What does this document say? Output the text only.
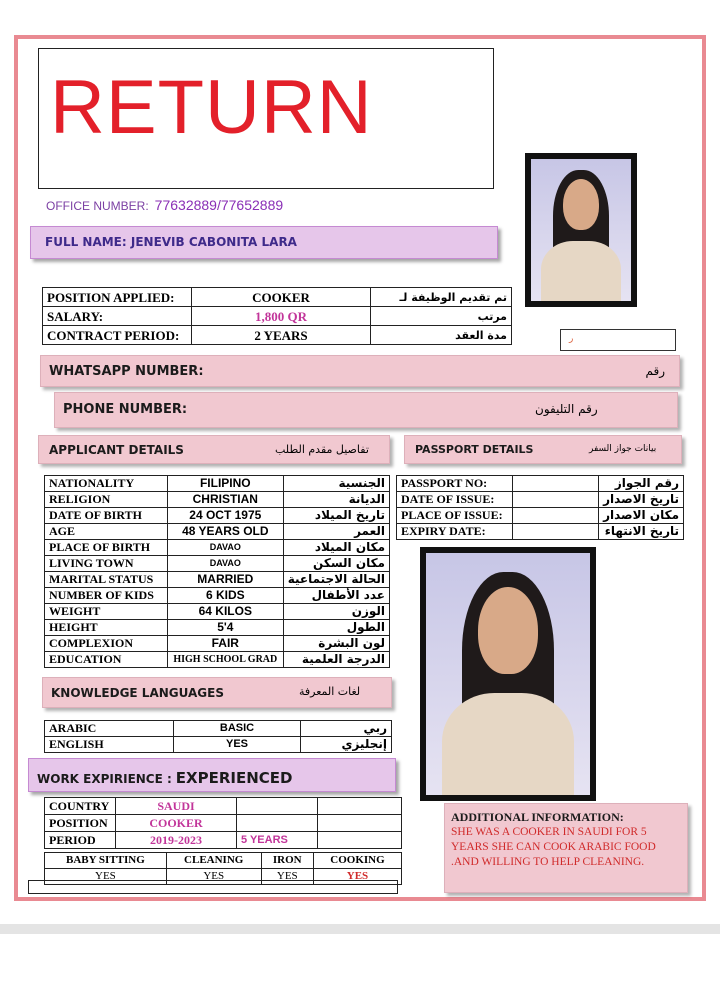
RETURN
OFFICE NUMBER: 77632889/77652889
FULL NAME: JENEVIB CABONITA LARA
POSITION APPLIED:	COOKER	تم تقديم الوظيفة لـ
SALARY:	1,800 QR	مرتب
CONTRACT PERIOD:	2 YEARS	مدة العقد	ر
WHATSAPP NUMBER:	رقم
PHONE NUMBER:	رقم التليفون
APPLICANT DETAILS	تفاصيل مقدم الطلب	PASSPORT DETAILS	بيانات جواز السفر
NATIONALITY	FILIPINO	الجنسية
RELIGION	CHRISTIAN	الديانة
DATE OF BIRTH	24 OCT 1975	تاريخ الميلاد
AGE	48 YEARS OLD	العمر
PLACE OF BIRTH	DAVAO	مكان الميلاد
LIVING TOWN	DAVAO	مكان السكن
MARITAL STATUS	MARRIED	الحالة الاجتماعية
NUMBER OF KIDS	6 KIDS	عدد الأطفال
WEIGHT	64 KILOS	الوزن
HEIGHT	5'4	الطول
COMPLEXION	FAIR	لون البشرة
EDUCATION	HIGH SCHOOL GRAD	الدرجة العلمية
PASSPORT NO:		رقم الجواز
DATE OF ISSUE:		تاريخ الاصدار
PLACE OF ISSUE:		مكان الاصدار
EXPIRY DATE:		تاريخ الانتهاء
KNOWLEDGE LANGUAGES	لغات المعرفة
ARABIC	BASIC	ربي
ENGLISH	YES	إنجليزي
WORK EXPIRIENCE : EXPERIENCED
COUNTRY	SAUDI		
POSITION	COOKER		
PERIOD	2019-2023	5 YEARS	
BABY SITTING	CLEANING	IRON	COOKING
YES	YES	YES	YES
ADDITIONAL INFORMATION:
SHE WAS A COOKER IN SAUDI FOR 5 YEARS SHE CAN COOK ARABIC FOOD .AND WILLING TO HELP CLEANING.
